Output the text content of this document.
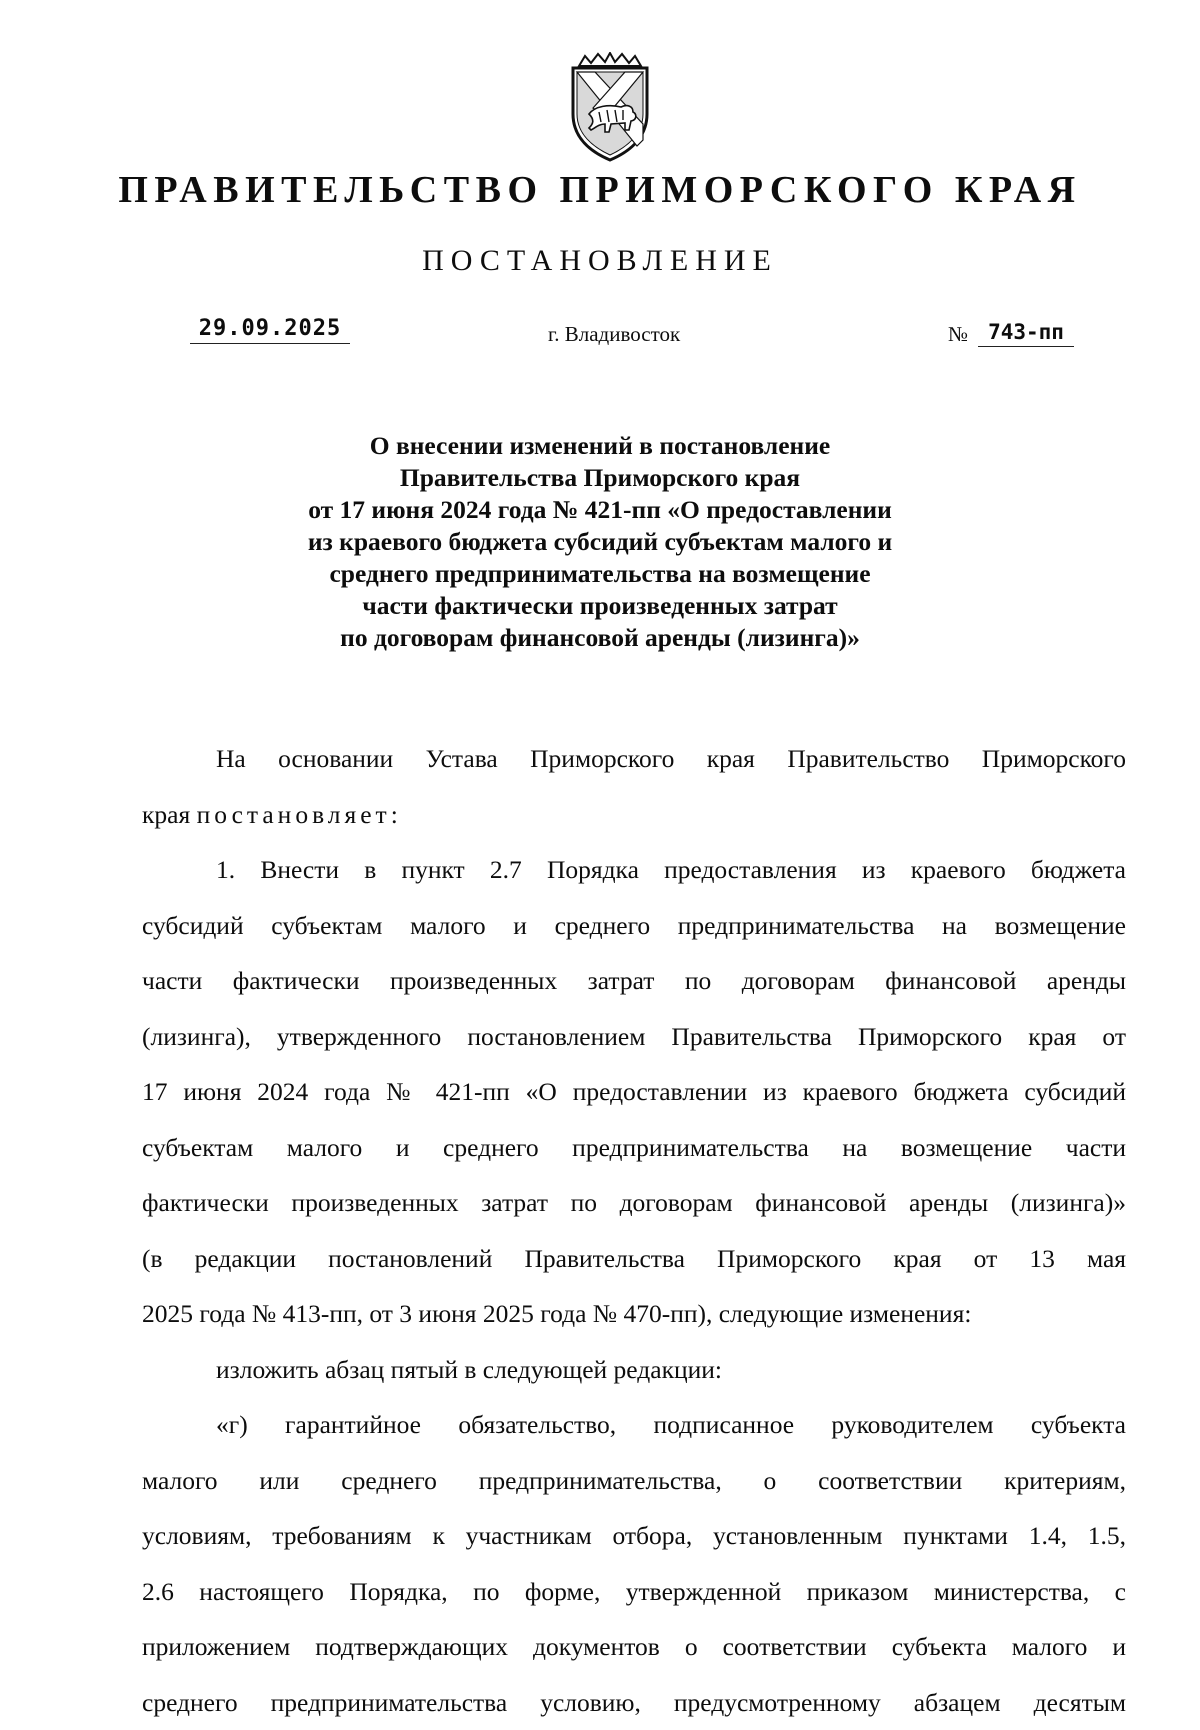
ПРАВИТЕЛЬСТВО ПРИМОРСКОГО КРАЯ
ПОСТАНОВЛЕНИЕ
29.09.2025	г. Владивосток	№ 743-пп
О внесении изменений в постановление
Правительства Приморского края
от 17 июня 2024 года № 421-пп «О предоставлении
из краевого бюджета субсидий субъектам малого и
среднего предпринимательства на возмещение
части фактически произведенных затрат
по договорам финансовой аренды (лизинга)»
На основании Устава Приморского края Правительство Приморского
края постановляет:
1. Внести в пункт 2.7 Порядка предоставления из краевого бюджета
субсидий субъектам малого и среднего предпринимательства на возмещение
части фактически произведенных затрат по договорам финансовой аренды
(лизинга), утвержденного постановлением Правительства Приморского края от
17 июня 2024 года № 421-пп «О предоставлении из краевого бюджета субсидий
субъектам малого и среднего предпринимательства на возмещение части
фактически произведенных затрат по договорам финансовой аренды (лизинга)»
(в редакции постановлений Правительства Приморского края от 13 мая
2025 года № 413-пп, от 3 июня 2025 года № 470-пп), следующие изменения:
изложить абзац пятый в следующей редакции:
«г) гарантийное обязательство, подписанное руководителем субъекта
малого или среднего предпринимательства, о соответствии критериям,
условиям, требованиям к участникам отбора, установленным пунктами 1.4, 1.5,
2.6 настоящего Порядка, по форме, утвержденной приказом министерства, с
приложением подтверждающих документов о соответствии субъекта малого и
среднего предпринимательства условию, предусмотренному абзацем десятым
